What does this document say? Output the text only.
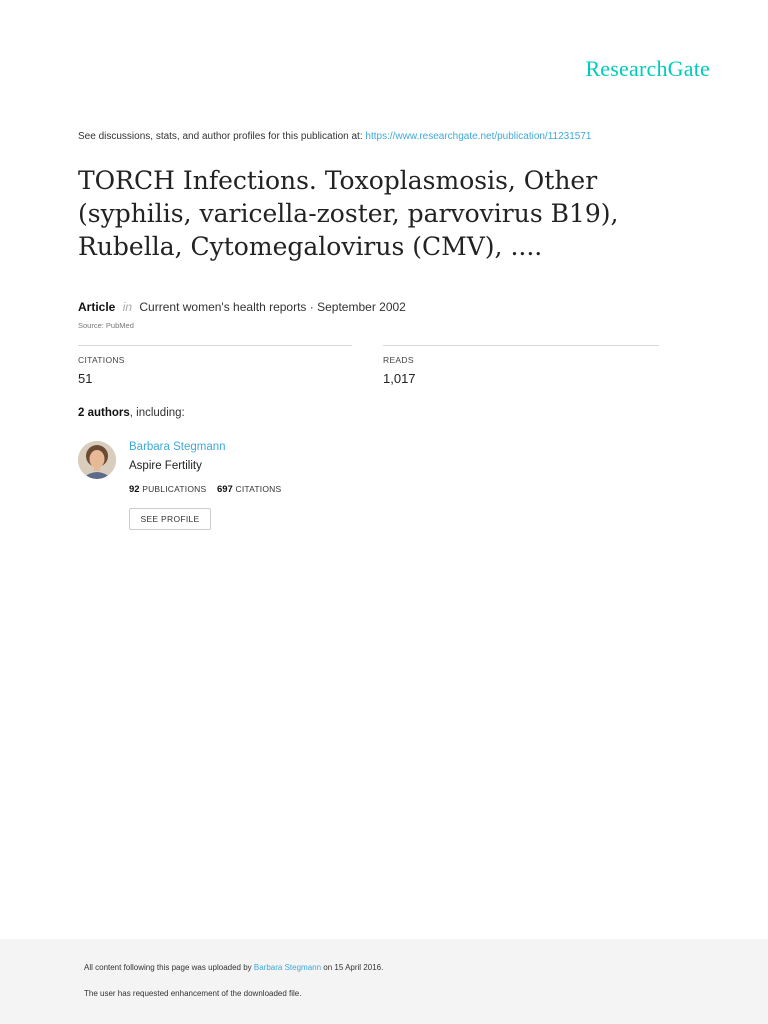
ResearchGate
See discussions, stats, and author profiles for this publication at: https://www.researchgate.net/publication/11231571
TORCH Infections. Toxoplasmosis, Other (syphilis, varicella-zoster, parvovirus B19), Rubella, Cytomegalovirus (CMV), ....
Article in Current women's health reports · September 2002
Source: PubMed
CITATIONS
51
READS
1,017
2 authors, including:
Barbara Stegmann
Aspire Fertility
92 PUBLICATIONS 697 CITATIONS
SEE PROFILE
All content following this page was uploaded by Barbara Stegmann on 15 April 2016.
The user has requested enhancement of the downloaded file.
